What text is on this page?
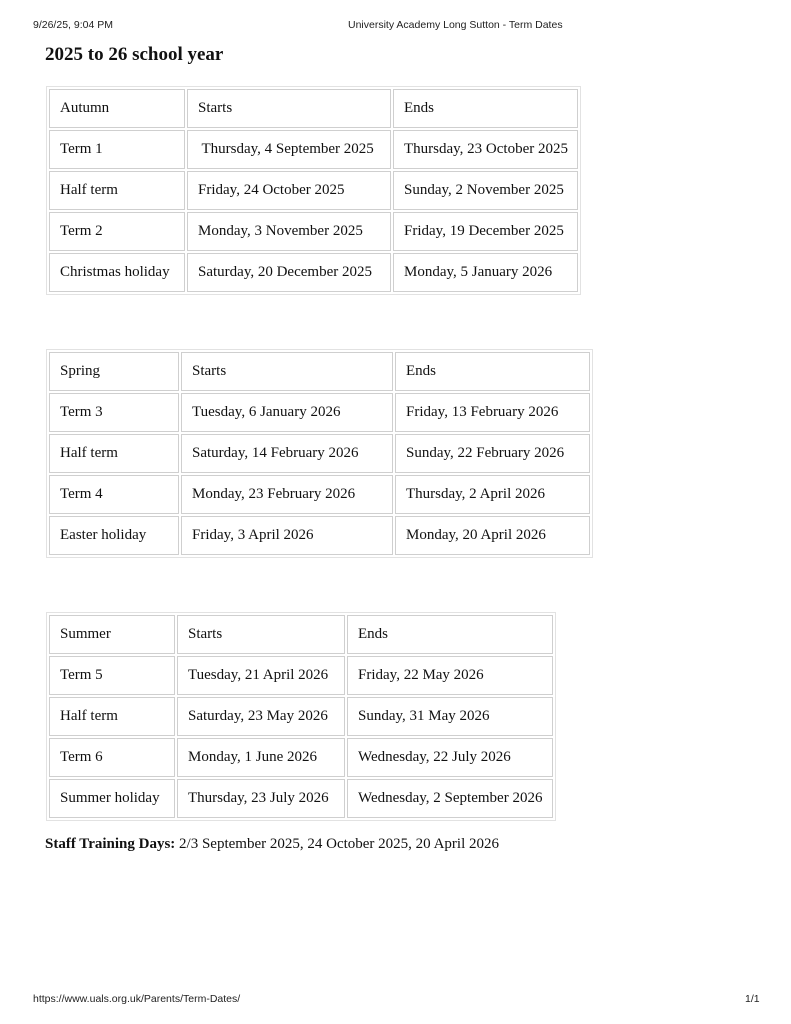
9/26/25, 9:04 PM	University Academy Long Sutton - Term Dates
2025 to 26 school year
Autumn	Starts	Ends
Term 1	Thursday, 4 September 2025	Thursday, 23 October 2025
Half term	Friday, 24 October 2025	Sunday, 2 November 2025
Term 2	Monday, 3 November 2025	Friday, 19 December 2025
Christmas holiday	Saturday, 20 December 2025	Monday, 5 January 2026
Spring	Starts	Ends
Term 3	Tuesday, 6 January 2026	Friday, 13 February 2026
Half term	Saturday, 14 February 2026	Sunday, 22 February 2026
Term 4	Monday, 23 February 2026	Thursday, 2 April 2026
Easter holiday	Friday, 3 April 2026	Monday, 20 April 2026
Summer	Starts	Ends
Term 5	Tuesday, 21 April 2026	Friday, 22 May 2026
Half term	Saturday, 23 May 2026	Sunday, 31 May 2026
Term 6	Monday, 1 June 2026	Wednesday, 22 July 2026
Summer holiday	Thursday, 23 July 2026	Wednesday, 2 September 2026
Staff Training Days: 2/3 September 2025, 24 October 2025, 20 April 2026
https://www.uals.org.uk/Parents/Term-Dates/	1/1
